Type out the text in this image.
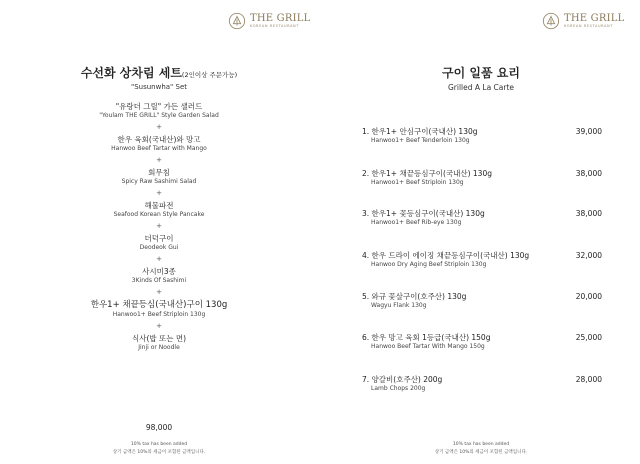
THE GRILL
KOREAN RESTAURANT
수선화 상차림 세트(2인이상 주문가능)
"Susunwha" Set
"유랑더 그릴" 가든 샐러드
"Youlam THE GRILL" Style Garden Salad
+
한우 육회(국내산)와 망고
Hanwoo Beef Tartar with Mango
+
회무침
Spicy Raw Sashimi Salad
+
해물파전
Seafood Korean Style Pancake
+
더덕구이
Deodeok Gui
+
사시미3종
3Kinds Of Sashimi
+
한우1+ 채끝등심(국내산)구이 130g
Hanwoo1+ Beef Striploin 130g
+
식사(밥 또는 면)
Jinji or Noodle
98,000
10% tax has been added
상기 금액은 10%의 세금이 포함된 금액입니다.
THE GRILL
KOREAN RESTAURANT
구이 일품 요리
Grilled A La Carte
1. 한우1+ 안심구이(국내산) 130g
Hanwoo1+ Beef Tenderloin 130g
39,000
2. 한우1+ 채끝등심구이(국내산) 130g
Hanwoo1+ Beef Striploin 130g
38,000
3. 한우1+ 꽃등심구이(국내산) 130g
Hanwoo1+ Beef Rib-eye 130g
38,000
4. 한우 드라이 에이징 채끝등심구이(국내산) 130g
Hanwoo Dry Aging Beef Striploin 130g
32,000
5. 와규 꽃살구이(호주산) 130g
Wagyu Flank 130g
20,000
6. 한우 망고 육회 1등급(국내산) 150g
Hanwoo Beef Tartar With Mango 150g
25,000
7. 양갈비(호주산) 200g
Lamb Chops 200g
28,000
10% tax has been added
상기 금액은 10%의 세금이 포함된 금액입니다.
